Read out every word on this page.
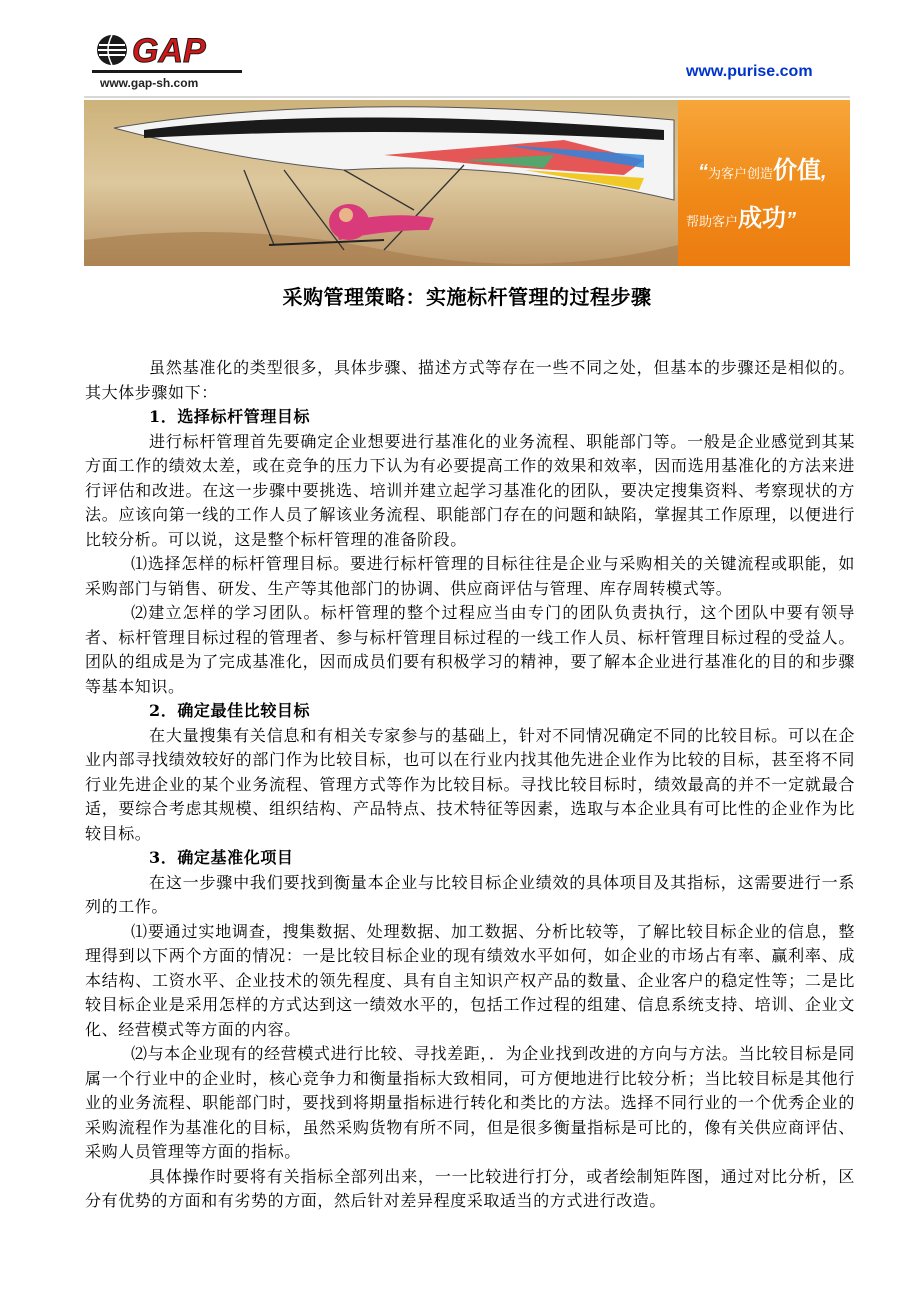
GAP
www.gap-sh.com
www.purise.com
“为客户创造价值,
帮助客户成功”
采购管理策略：实施标杆管理的过程步骤

虽然基准化的类型很多，具体步骤、描述方式等存在一些不同之处，但基本的步骤还是相似的。其大体步骤如下：

1．选择标杆管理目标

进行标杆管理首先要确定企业想要进行基准化的业务流程、职能部门等。一般是企业感觉到其某方面工作的绩效太差，或在竞争的压力下认为有必要提高工作的效果和效率，因而选用基准化的方法来进行评估和改进。在这一步骤中要挑选、培训并建立起学习基准化的团队，要决定搜集资料、考察现状的方法。应该向第一线的工作人员了解该业务流程、职能部门存在的问题和缺陷，掌握其工作原理，以便进行比较分析。可以说，这是整个标杆管理的准备阶段。

⑴选择怎样的标杆管理目标。要进行标杆管理的目标往往是企业与采购相关的关键流程或职能，如采购部门与销售、研发、生产等其他部门的协调、供应商评估与管理、库存周转模式等。

⑵建立怎样的学习团队。标杆管理的整个过程应当由专门的团队负责执行，这个团队中要有领导者、标杆管理目标过程的管理者、参与标杆管理目标过程的一线工作人员、标杆管理目标过程的受益人。团队的组成是为了完成基准化，因而成员们要有积极学习的精神，要了解本企业进行基准化的目的和步骤等基本知识。

2．确定最佳比较目标

在大量搜集有关信息和有相关专家参与的基础上，针对不同情况确定不同的比较目标。可以在企业内部寻找绩效较好的部门作为比较目标，也可以在行业内找其他先进企业作为比较的目标，甚至将不同行业先进企业的某个业务流程、管理方式等作为比较目标。寻找比较目标时，绩效最高的并不一定就最合适，要综合考虑其规模、组织结构、产品特点、技术特征等因素，选取与本企业具有可比性的企业作为比较目标。

3．确定基准化项目

在这一步骤中我们要找到衡量本企业与比较目标企业绩效的具体项目及其指标，这需要进行一系列的工作。

⑴要通过实地调查，搜集数据、处理数据、加工数据、分析比较等，了解比较目标企业的信息，整理得到以下两个方面的情况：一是比较目标企业的现有绩效水平如何，如企业的市场占有率、赢利率、成本结构、工资水平、企业技术的领先程度、具有自主知识产权产品的数量、企业客户的稳定性等；二是比较目标企业是采用怎样的方式达到这一绩效水平的，包括工作过程的组建、信息系统支持、培训、企业文化、经营模式等方面的内容。

⑵与本企业现有的经营模式进行比较、寻找差距，．为企业找到改进的方向与方法。当比较目标是同属一个行业中的企业时，核心竞争力和衡量指标大致相同，可方便地进行比较分析；当比较目标是其他行业的业务流程、职能部门时，要找到将期量指标进行转化和类比的方法。选择不同行业的一个优秀企业的采购流程作为基准化的目标，虽然采购货物有所不同，但是很多衡量指标是可比的，像有关供应商评估、采购人员管理等方面的指标。

具体操作时要将有关指标全部列出来，一一比较进行打分，或者绘制矩阵图，通过对比分析，区分有优势的方面和有劣势的方面，然后针对差异程度采取适当的方式进行改造。
